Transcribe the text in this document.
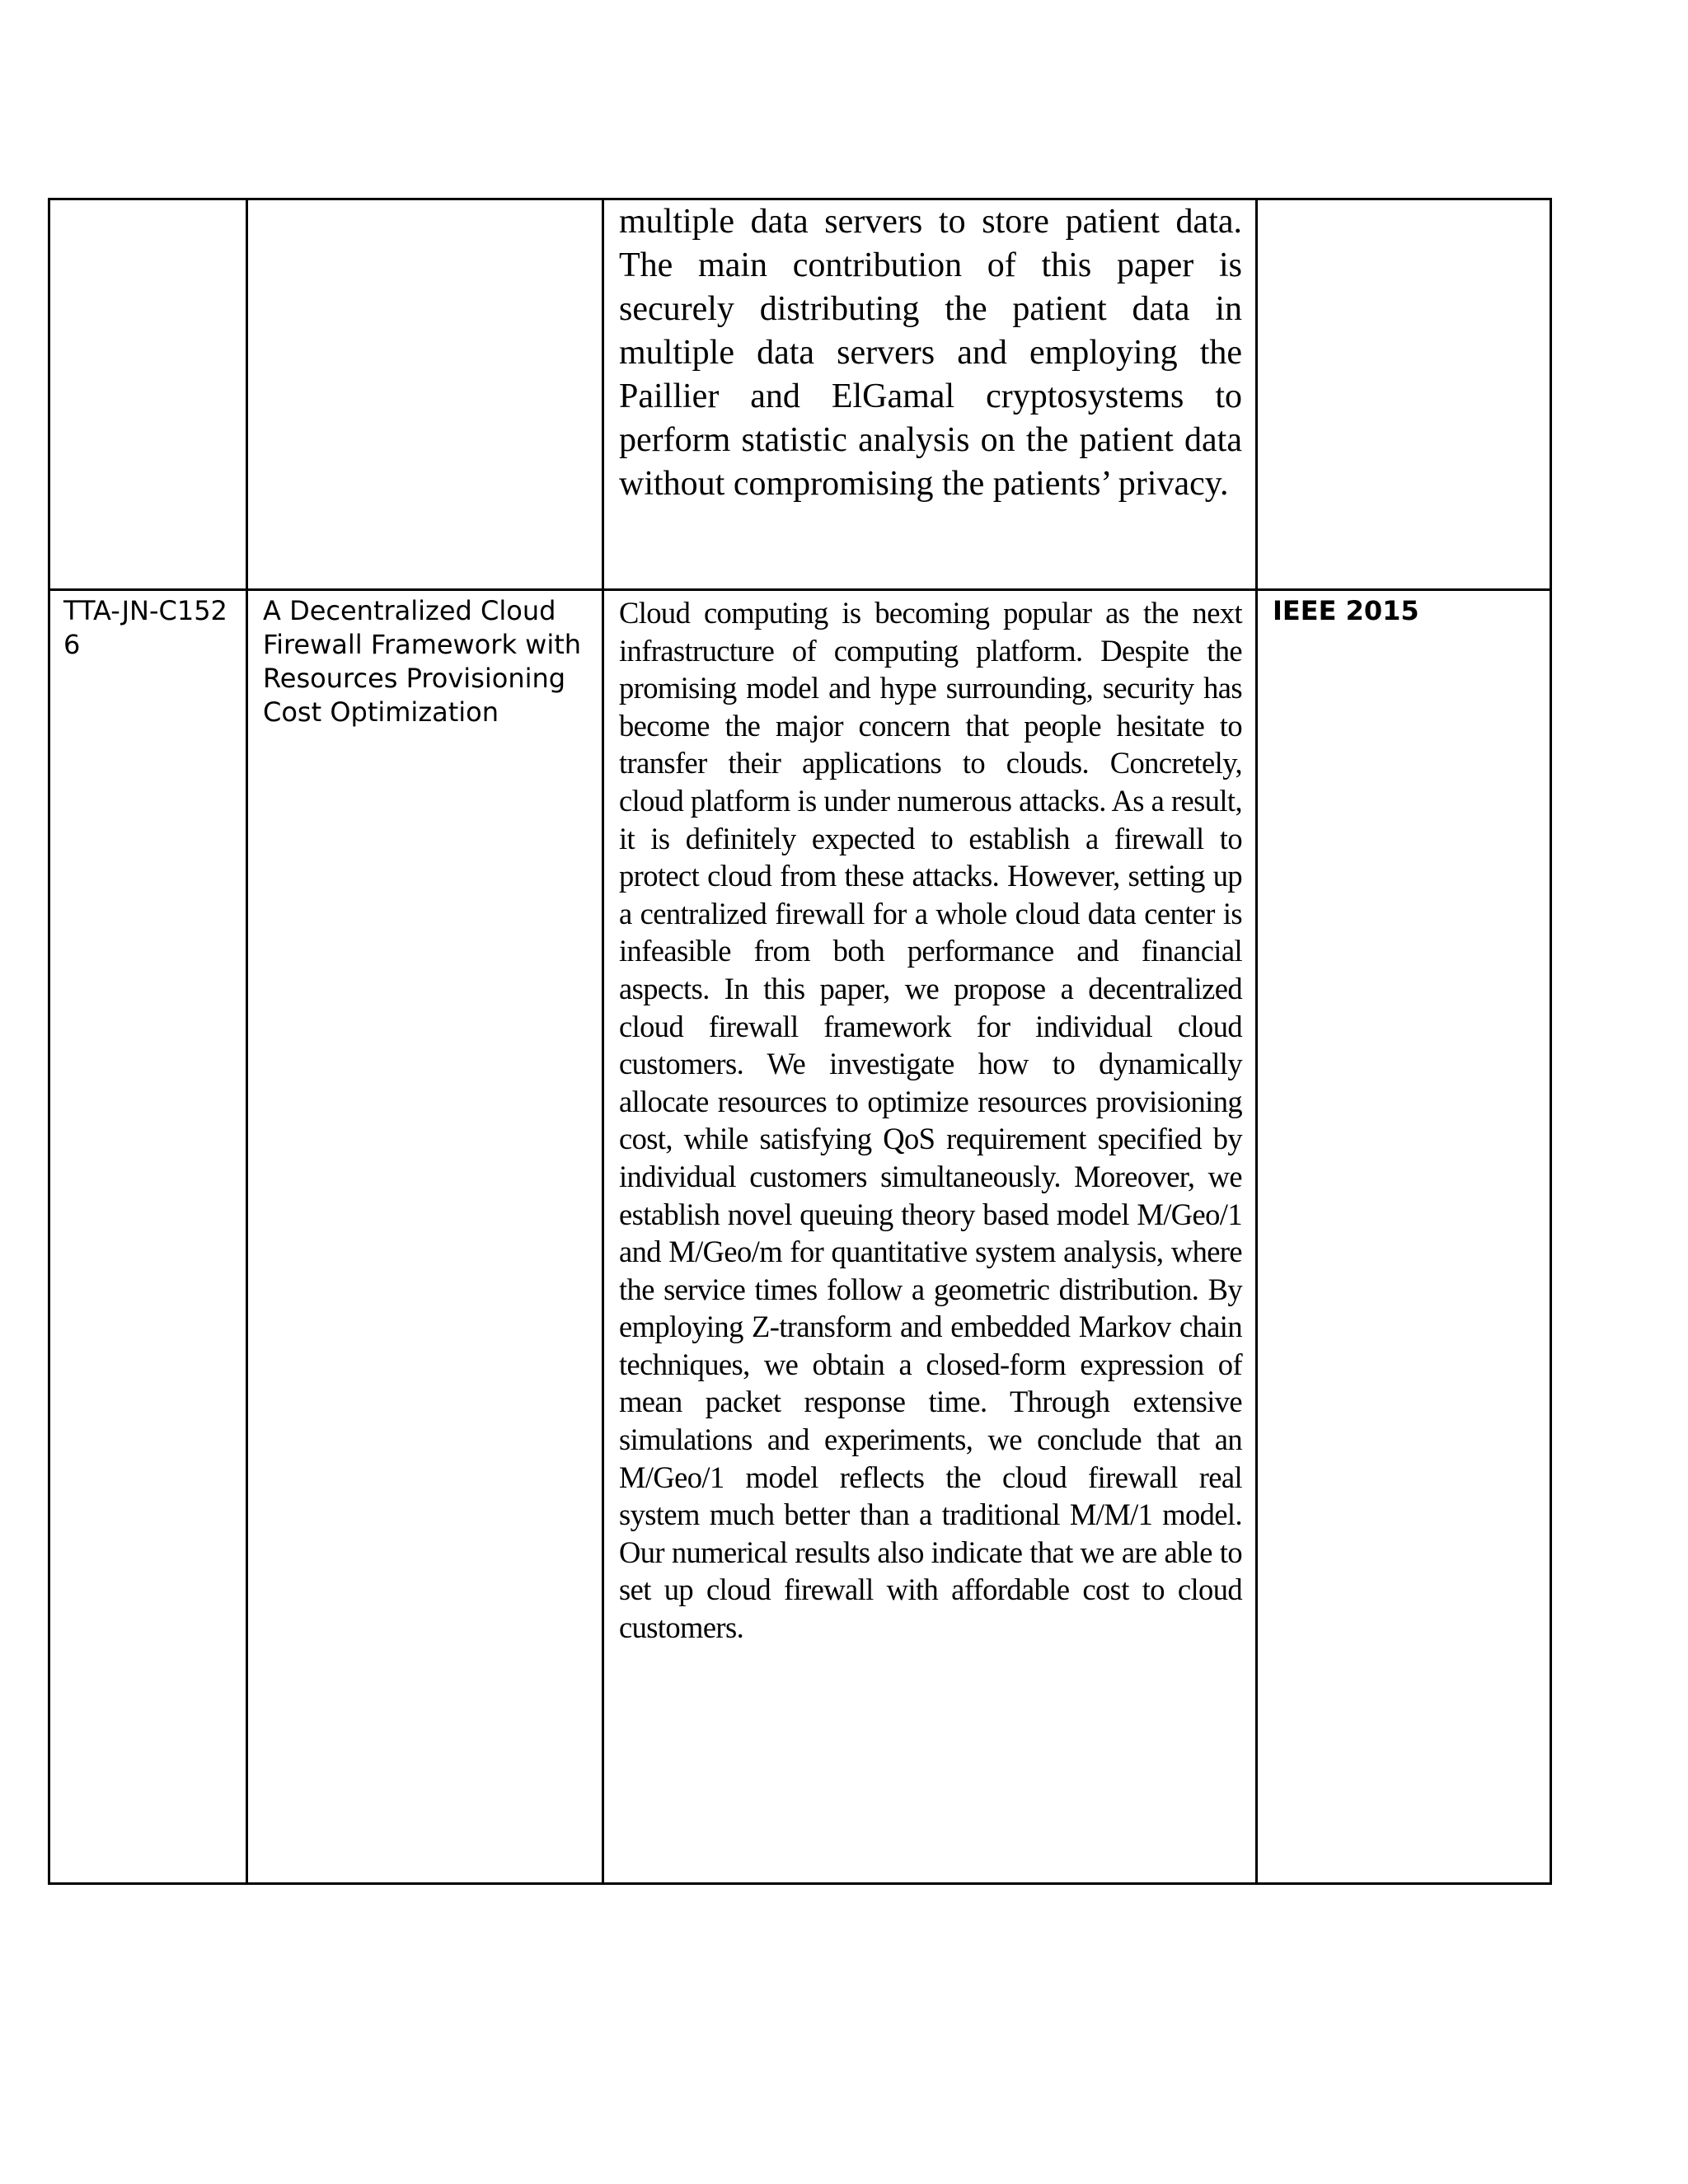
		multiple data servers to store patient data. The main contribution of this paper is securely distributing the patient data in multiple data servers and employing the Paillier and ElGamal cryptosystems to perform statistic analysis on the patient data without compromising the patients’ privacy.	

TTA-JN-C1526	A Decentralized Cloud Firewall Framework with Resources Provisioning Cost Optimization	Cloud computing is becoming popular as the next infrastructure of computing platform. Despite the promising model and hype surrounding, security has become the major concern that people hesitate to transfer their applications to clouds. Concretely, cloud platform is under numerous attacks. As a result, it is definitely expected to establish a firewall to protect cloud from these attacks. However, setting up a centralized firewall for a whole cloud data center is infeasible from both performance and financial aspects. In this paper, we propose a decentralized cloud firewall framework for individual cloud customers. We investigate how to dynamically allocate resources to optimize resources provisioning cost, while satisfying QoS requirement specified by individual customers simultaneously. Moreover, we establish novel queuing theory based model M/Geo/1 and M/Geo/m for quantitative system analysis, where the service times follow a geometric distribution. By employing Z-transform and embedded Markov chain techniques, we obtain a closed-form expression of mean packet response time. Through extensive simulations and experiments, we conclude that an M/Geo/1 model reflects the cloud firewall real system much better than a traditional M/M/1 model. Our numerical results also indicate that we are able to set up cloud firewall with affordable cost to cloud customers.	IEEE 2015
